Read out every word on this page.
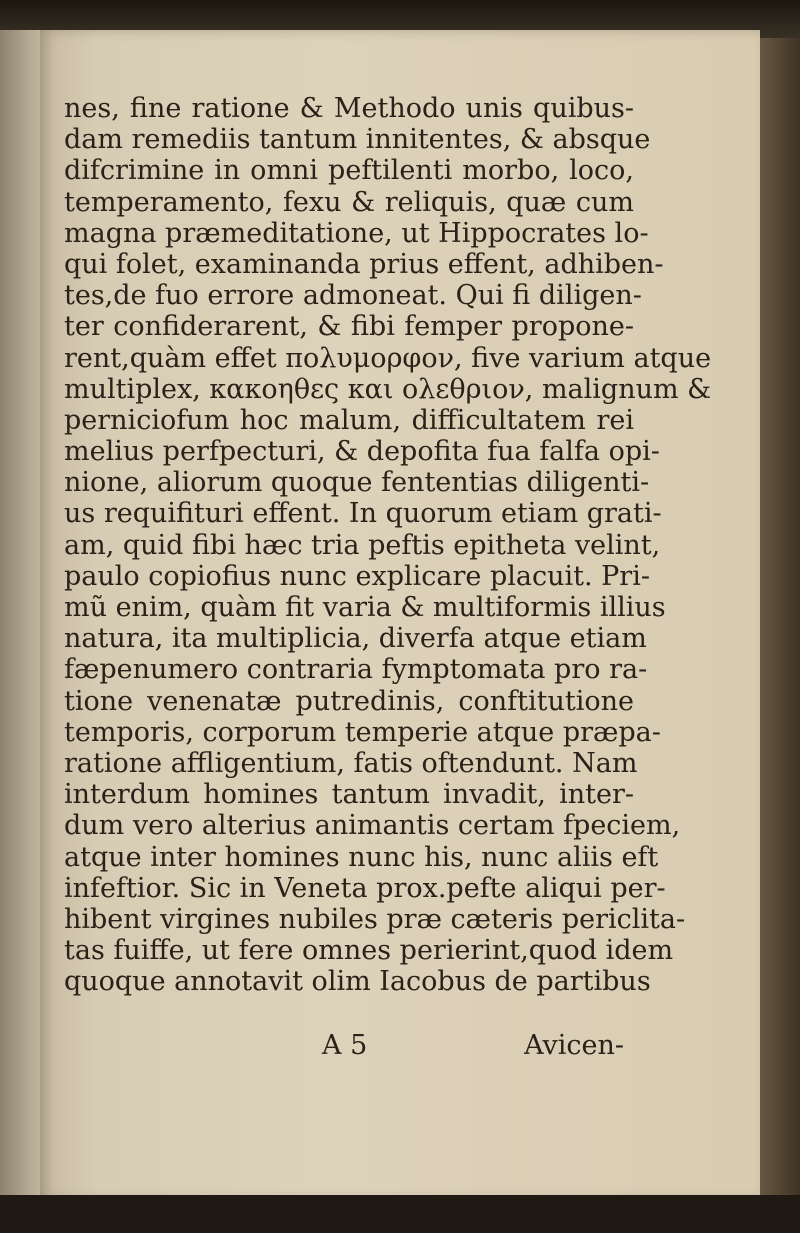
nes, fine ratione & Methodo unis quibus-
dam remediis tantum innitentes, & absque
difcrimine in omni peftilenti morbo, loco,
temperamento, fexu & reliquis, quæ cum
magna præmeditatione, ut Hippocrates lo-
qui folet, examinanda prius effent, adhiben-
tes,de fuo errore admoneat. Qui fi diligen-
ter confiderarent, & fibi femper propone-
rent,quàm effet πολυμορφον, five varium atque
multiplex, κακοηθες και ολεθριον, malignum &
perniciofum hoc malum, difficultatem rei
melius perfpecturi, & depofita fua falfa opi-
nione, aliorum quoque fententias diligenti-
us requifituri effent. In quorum etiam grati-
am, quid fibi hæc tria peftis epitheta velint,
paulo copiofius nunc explicare placuit. Pri-
mũ enim, quàm fit varia & multiformis illius
natura, ita multiplicia, diverfa atque etiam
fæpenumero contraria fymptomata pro ra-
tione venenatæ putredinis, conftitutione
temporis, corporum temperie atque præpa-
ratione affligentium, fatis oftendunt. Nam
interdum homines tantum invadit, inter-
dum vero alterius animantis certam fpeciem,
atque inter homines nunc his, nunc aliis eft
infeftior. Sic in Veneta prox.pefte aliqui per-
hibent virgines nubiles præ cæteris periclita-
tas fuiffe, ut fere omnes perierint,quod idem
quoque annotavit olim Iacobus de partibus
A 5	Avicen-
